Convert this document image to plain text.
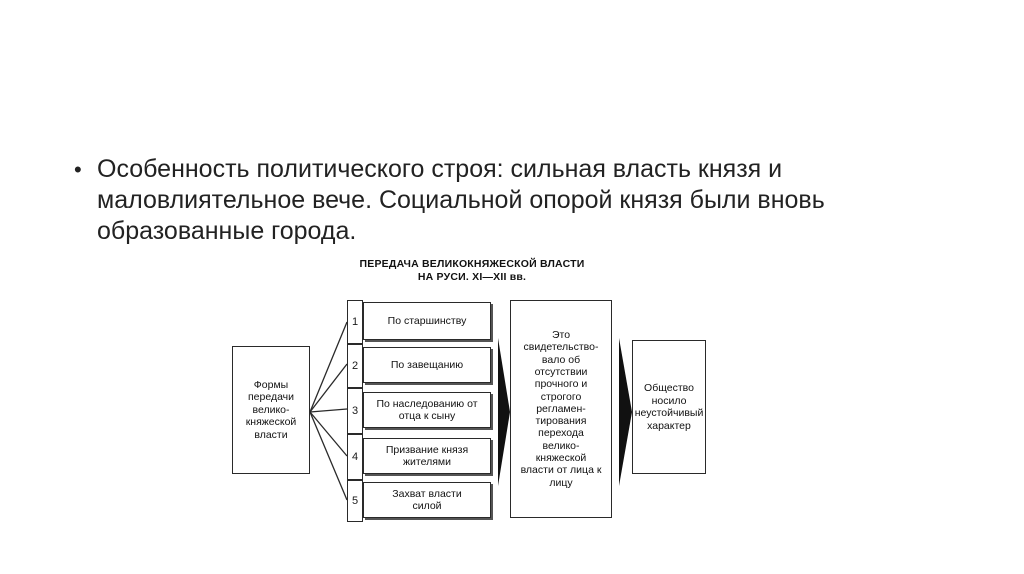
• Особенность политического строя: сильная власть князя и маловлиятельное вече. Социальной опорой князя были вновь образованные города.
ПЕРЕДАЧА ВЕЛИКОКНЯЖЕСКОЙ ВЛАСТИ
НА РУСИ. XI—XII вв.
Формы передачи велико- княжеской власти
1	По старшинству
2	По завещанию
3
По наследованию от отца к сыну
4
Призвание князя жителями
5
Захват власти силой
Это свидетельство- вало об отсутствии прочного и строгого регламен- тирования перехода велико- княжеской власти от лица к лицу
Общество носило неустойчивый характер
